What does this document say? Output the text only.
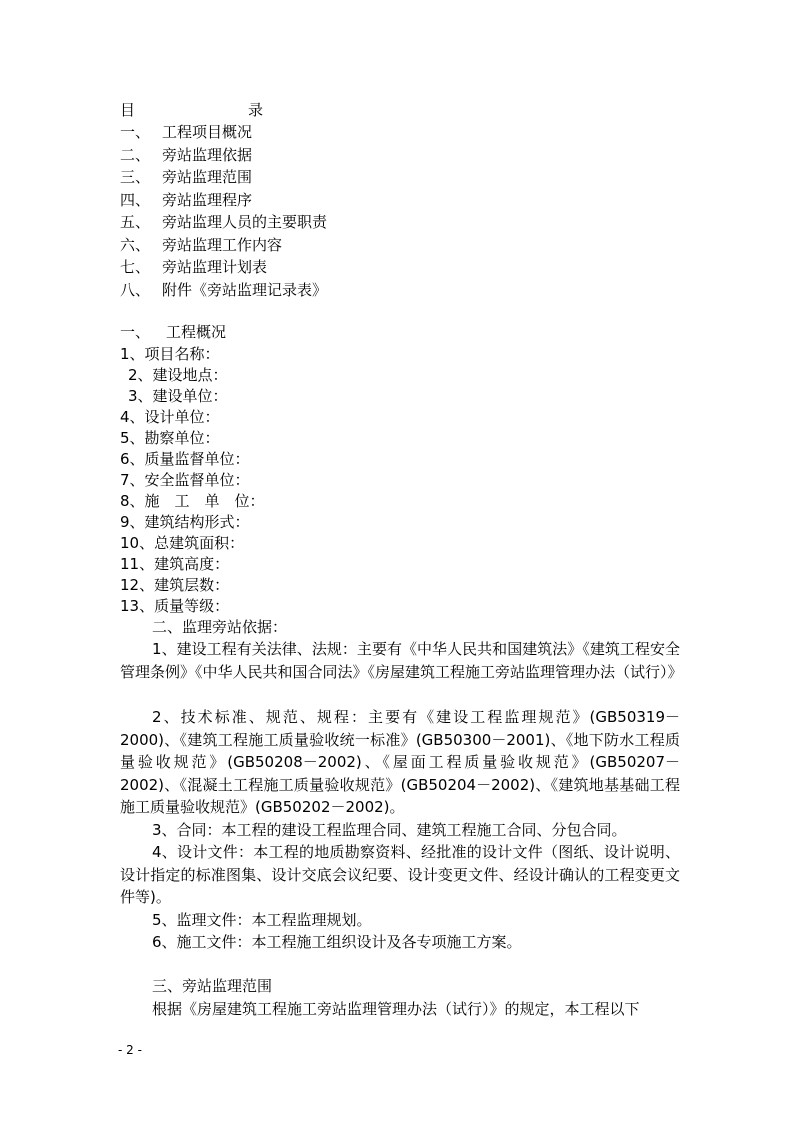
目	录
一、 工程项目概况
二、 旁站监理依据
三、 旁站监理范围
四、 旁站监理程序
五、 旁站监理人员的主要职责
六、 旁站监理工作内容
七、 旁站监理计划表
八、 附件《旁站监理记录表》
一、 工程概况
1、项目名称：
2、建设地点：
3、建设单位：
4、设计单位：
5、勘察单位：
6、质量监督单位：
7、安全监督单位：
8、施　工　单　位：
9、建筑结构形式：
10、总建筑面积：
11、建筑高度：
12、建筑层数：
13、质量等级：
二、监理旁站依据：
1、建设工程有关法律、法规：主要有《中华人民共和国建筑法》《建筑工程安全管理条例》《中华人民共和国合同法》《房屋建筑工程施工旁站监理管理办法（试行）》
2、技术标准、规范、规程：主要有《建设工程监理规范》(GB50319－2000)、《建筑工程施工质量验收统一标准》(GB50300－2001)、《地下防水工程质量验收规范》(GB50208－2002)、《屋面工程质量验收规范》(GB50207－2002)、《混凝土工程施工质量验收规范》(GB50204－2002)、《建筑地基基础工程施工质量验收规范》(GB50202－2002)。
3、合同：本工程的建设工程监理合同、建筑工程施工合同、分包合同。
4、设计文件：本工程的地质勘察资料、经批准的设计文件（图纸、设计说明、设计指定的标准图集、设计交底会议纪要、设计变更文件、经设计确认的工程变更文件等)。
5、监理文件：本工程监理规划。
6、施工文件：本工程施工组织设计及各专项施工方案。
三、旁站监理范围
根据《房屋建筑工程施工旁站监理管理办法（试行）》的规定，本工程以下
- 2 -
